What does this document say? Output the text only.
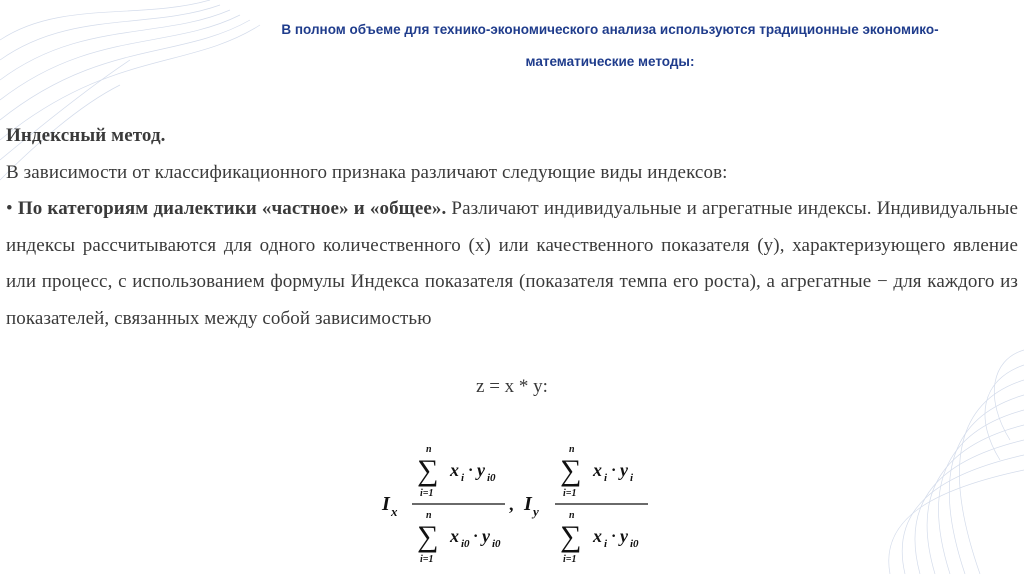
В полном объеме для технико-экономического анализа используются традиционные экономико-
математические методы:

Индексный метод.

В зависимости от классификационного признака различают следующие виды индексов:

• По категориям диалектики «частное» и «общее». Различают индивидуальные и агрегатные индексы. Индивидуальные индексы рассчитываются для одного количественного (x) или качественного показателя (y), характеризующего явление или процесс, с использованием формулы Индекса показателя (показателя темпа его роста), а агрегатные − для каждого из показателей, связанных между собой зависимостью

z = x * y:
I x
n
∑
i=1
x i · y i0
n
∑
i=1
x i0 · y i0
, I y
n
∑
i=1
x i · y i
n
∑
i=1
x i · y i0
